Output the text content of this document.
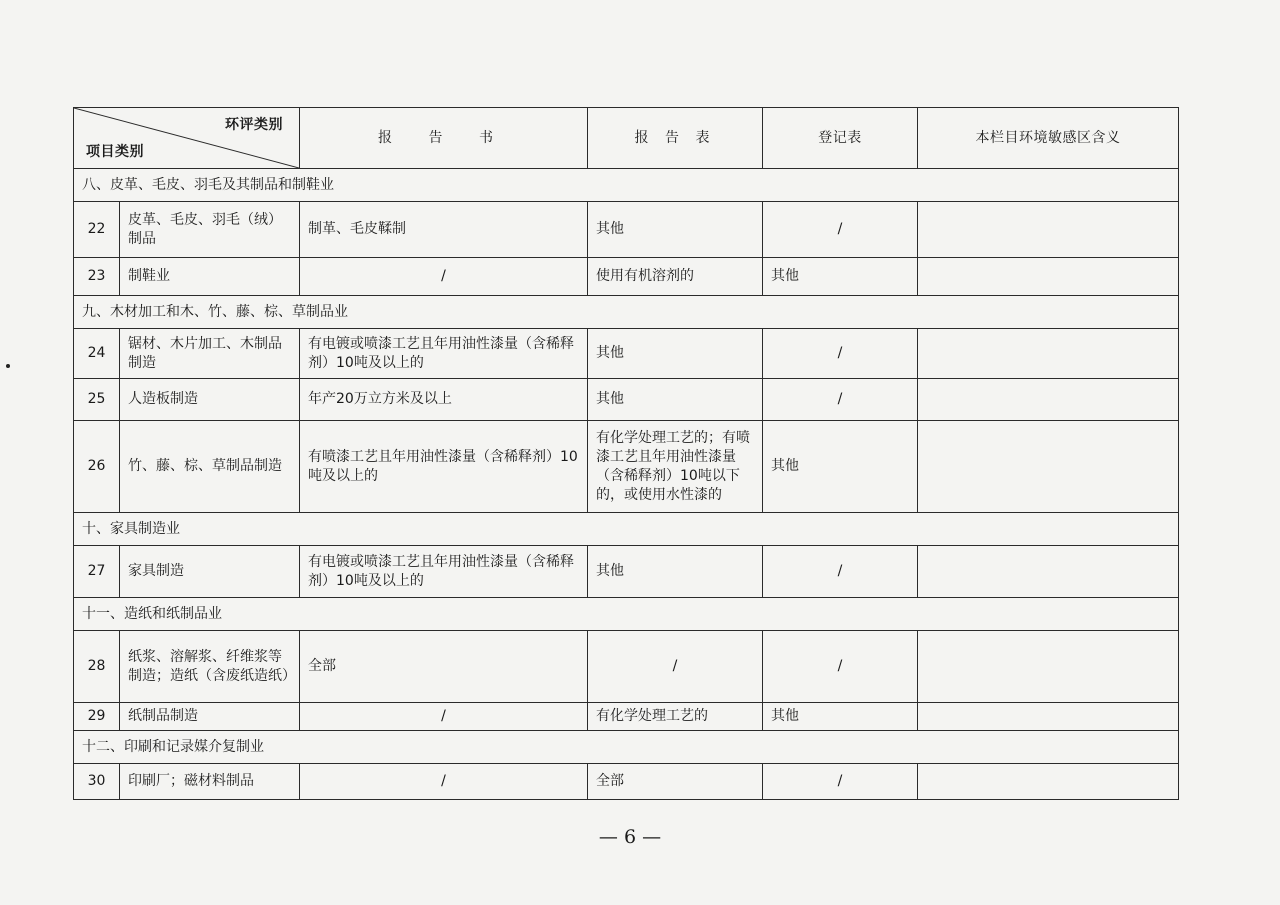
环评类别
项目类别		报 告 书	报 告 表	登记表	本栏目环境敏感区含义
八、皮革、毛皮、羽毛及其制品和制鞋业					
22	皮革、毛皮、羽毛（绒）制品	制革、毛皮鞣制	其他	/	
23	制鞋业	/	使用有机溶剂的	其他	
九、木材加工和木、竹、藤、棕、草制品业					
24	锯材、木片加工、木制品制造	有电镀或喷漆工艺且年用油性漆量（含稀释剂）10吨及以上的	其他	/	
25	人造板制造	年产20万立方米及以上	其他	/	
26	竹、藤、棕、草制品制造	有喷漆工艺且年用油性漆量（含稀释剂）10吨及以上的	有化学处理工艺的；有喷漆工艺且年用油性漆量（含稀释剂）10吨以下的，或使用水性漆的	其他	
十、家具制造业					
27	家具制造	有电镀或喷漆工艺且年用油性漆量（含稀释剂）10吨及以上的	其他	/	
十一、造纸和纸制品业					
28	纸浆、溶解浆、纤维浆等制造；造纸（含废纸造纸）	全部	/	/	
29	纸制品制造	/	有化学处理工艺的	其他	
十二、印刷和记录媒介复制业					
30	印刷厂；磁材料制品	/	全部	/	
— 6 —
